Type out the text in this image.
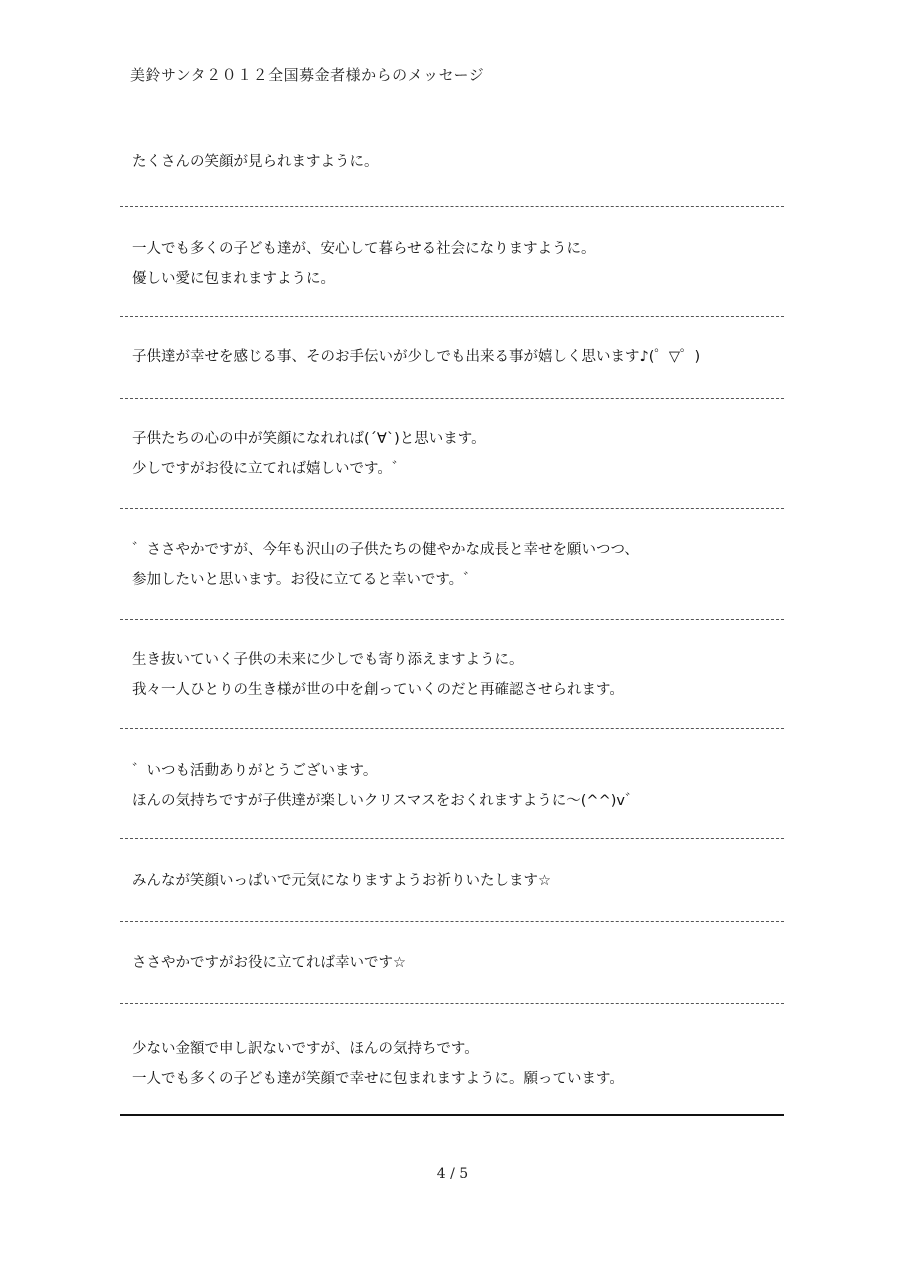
美鈴サンタ２０１２全国募金者様からのメッセージ
たくさんの笑顔が見られますように。
一人でも多くの子ども達が、安心して暮らせる社会になりますように。
優しい愛に包まれますように。
子供達が幸せを感じる事、そのお手伝いが少しでも出来る事が嬉しく思います♪(゜▽゜)
子供たちの心の中が笑顔になれれば(´∀`)と思います。
少しですがお役に立てれば嬉しいです。゛
゛ささやかですが、今年も沢山の子供たちの健やかな成長と幸せを願いつつ、
参加したいと思います。お役に立てると幸いです。゛
生き抜いていく子供の未来に少しでも寄り添えますように。
我々一人ひとりの生き様が世の中を創っていくのだと再確認させられます。
゛いつも活動ありがとうございます。
ほんの気持ちですが子供達が楽しいクリスマスをおくれますように～(^^)v゛
みんなが笑顔いっぱいで元気になりますようお祈りいたします☆
ささやかですがお役に立てれば幸いです☆
少ない金額で申し訳ないですが、ほんの気持ちです。
一人でも多くの子ども達が笑顔で幸せに包まれますように。願っています。
4 / 5
